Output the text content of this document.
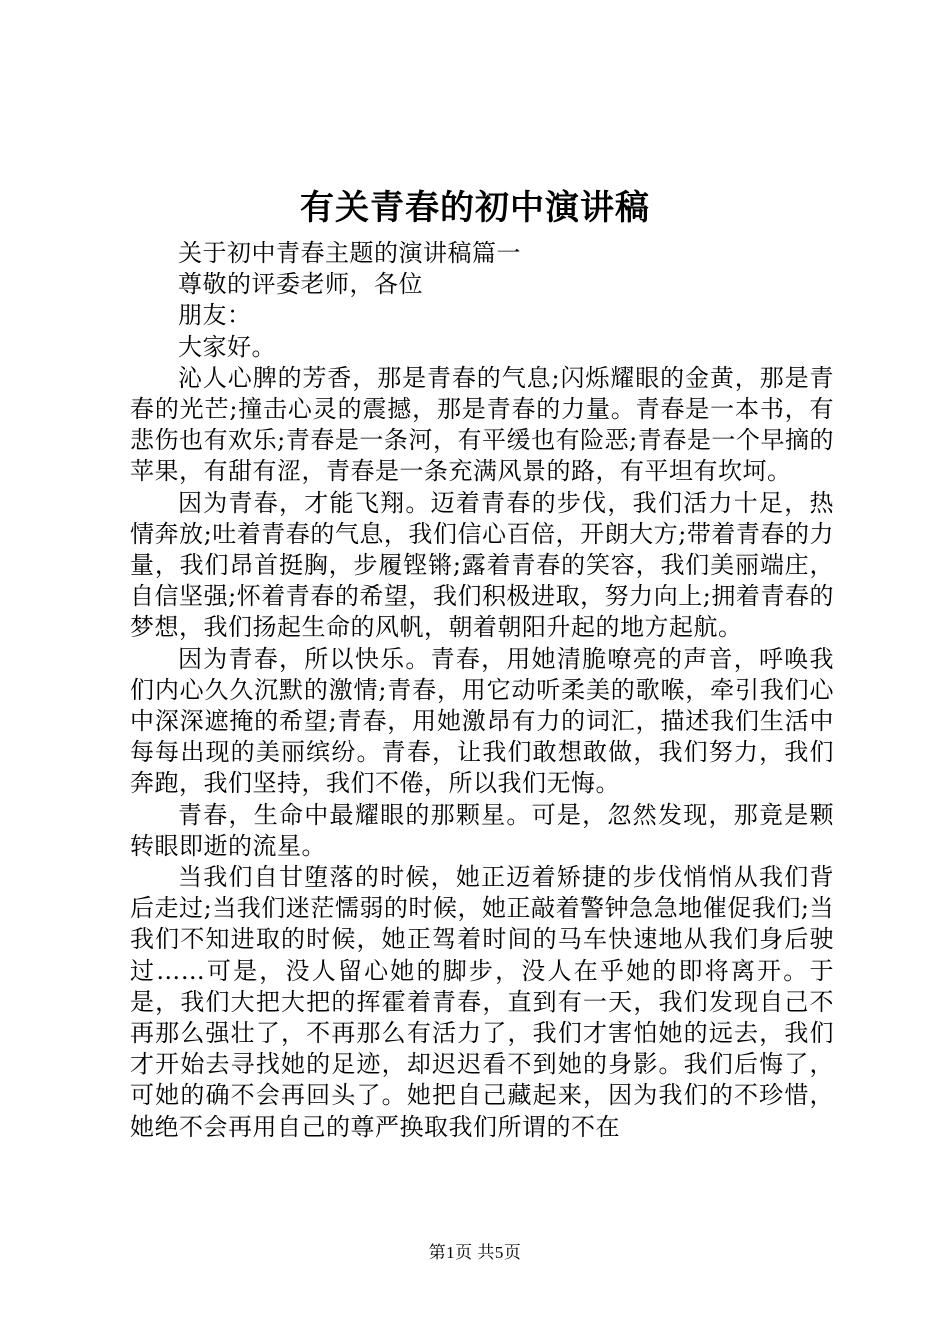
有关青春的初中演讲稿

关于初中青春主题的演讲稿篇一

尊敬的评委老师，各位

朋友：

大家好。

沁人心脾的芳香，那是青春的气息;闪烁耀眼的金黄，那是青春的光芒;撞击心灵的震撼，那是青春的力量。青春是一本书，有悲伤也有欢乐;青春是一条河，有平缓也有险恶;青春是一个早摘的苹果，有甜有涩，青春是一条充满风景的路，有平坦有坎坷。

因为青春，才能飞翔。迈着青春的步伐，我们活力十足，热情奔放;吐着青春的气息，我们信心百倍，开朗大方;带着青春的力量，我们昂首挺胸，步履铿锵;露着青春的笑容，我们美丽端庄，自信坚强;怀着青春的希望，我们积极进取，努力向上;拥着青春的梦想，我们扬起生命的风帆，朝着朝阳升起的地方起航。

因为青春，所以快乐。青春，用她清脆嘹亮的声音，呼唤我们内心久久沉默的激情;青春，用它动听柔美的歌喉，牵引我们心中深深遮掩的希望;青春，用她激昂有力的词汇，描述我们生活中每每出现的美丽缤纷。青春，让我们敢想敢做，我们努力，我们奔跑，我们坚持，我们不倦，所以我们无悔。

青春，生命中最耀眼的那颗星。可是，忽然发现，那竟是颗转眼即逝的流星。

当我们自甘堕落的时候，她正迈着矫捷的步伐悄悄从我们背后走过;当我们迷茫懦弱的时候，她正敲着警钟急急地催促我们;当我们不知进取的时候，她正驾着时间的马车快速地从我们身后驶过……可是，没人留心她的脚步，没人在乎她的即将离开。于是，我们大把大把的挥霍着青春，直到有一天，我们发现自己不再那么强壮了，不再那么有活力了，我们才害怕她的远去，我们才开始去寻找她的足迹，却迟迟看不到她的身影。我们后悔了，可她的确不会再回头了。她把自己藏起来，因为我们的不珍惜，她绝不会再用自己的尊严换取我们所谓的不在

第1页 共5页
